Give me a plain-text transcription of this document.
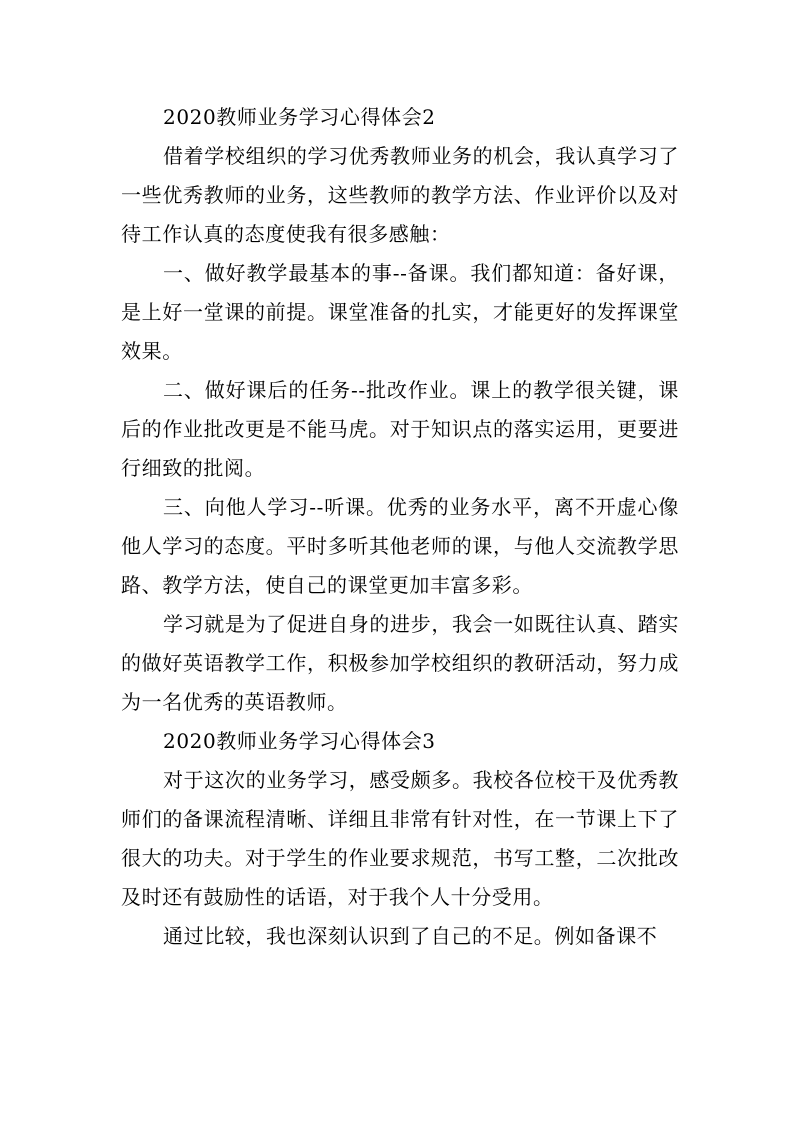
2020教师业务学习心得体会2

借着学校组织的学习优秀教师业务的机会，我认真学习了一些优秀教师的业务，这些教师的教学方法、作业评价以及对待工作认真的态度使我有很多感触：

一、做好教学最基本的事--备课。我们都知道：备好课，是上好一堂课的前提。课堂准备的扎实，才能更好的发挥课堂效果。

二、做好课后的任务--批改作业。课上的教学很关键，课后的作业批改更是不能马虎。对于知识点的落实运用，更要进行细致的批阅。

三、向他人学习--听课。优秀的业务水平，离不开虚心像他人学习的态度。平时多听其他老师的课，与他人交流教学思路、教学方法，使自己的课堂更加丰富多彩。

学习就是为了促进自身的进步，我会一如既往认真、踏实的做好英语教学工作，积极参加学校组织的教研活动，努力成为一名优秀的英语教师。

2020教师业务学习心得体会3

对于这次的业务学习，感受颇多。我校各位校干及优秀教师们的备课流程清晰、详细且非常有针对性，在一节课上下了很大的功夫。对于学生的作业要求规范，书写工整，二次批改及时还有鼓励性的话语，对于我个人十分受用。

通过比较，我也深刻认识到了自己的不足。例如备课不
